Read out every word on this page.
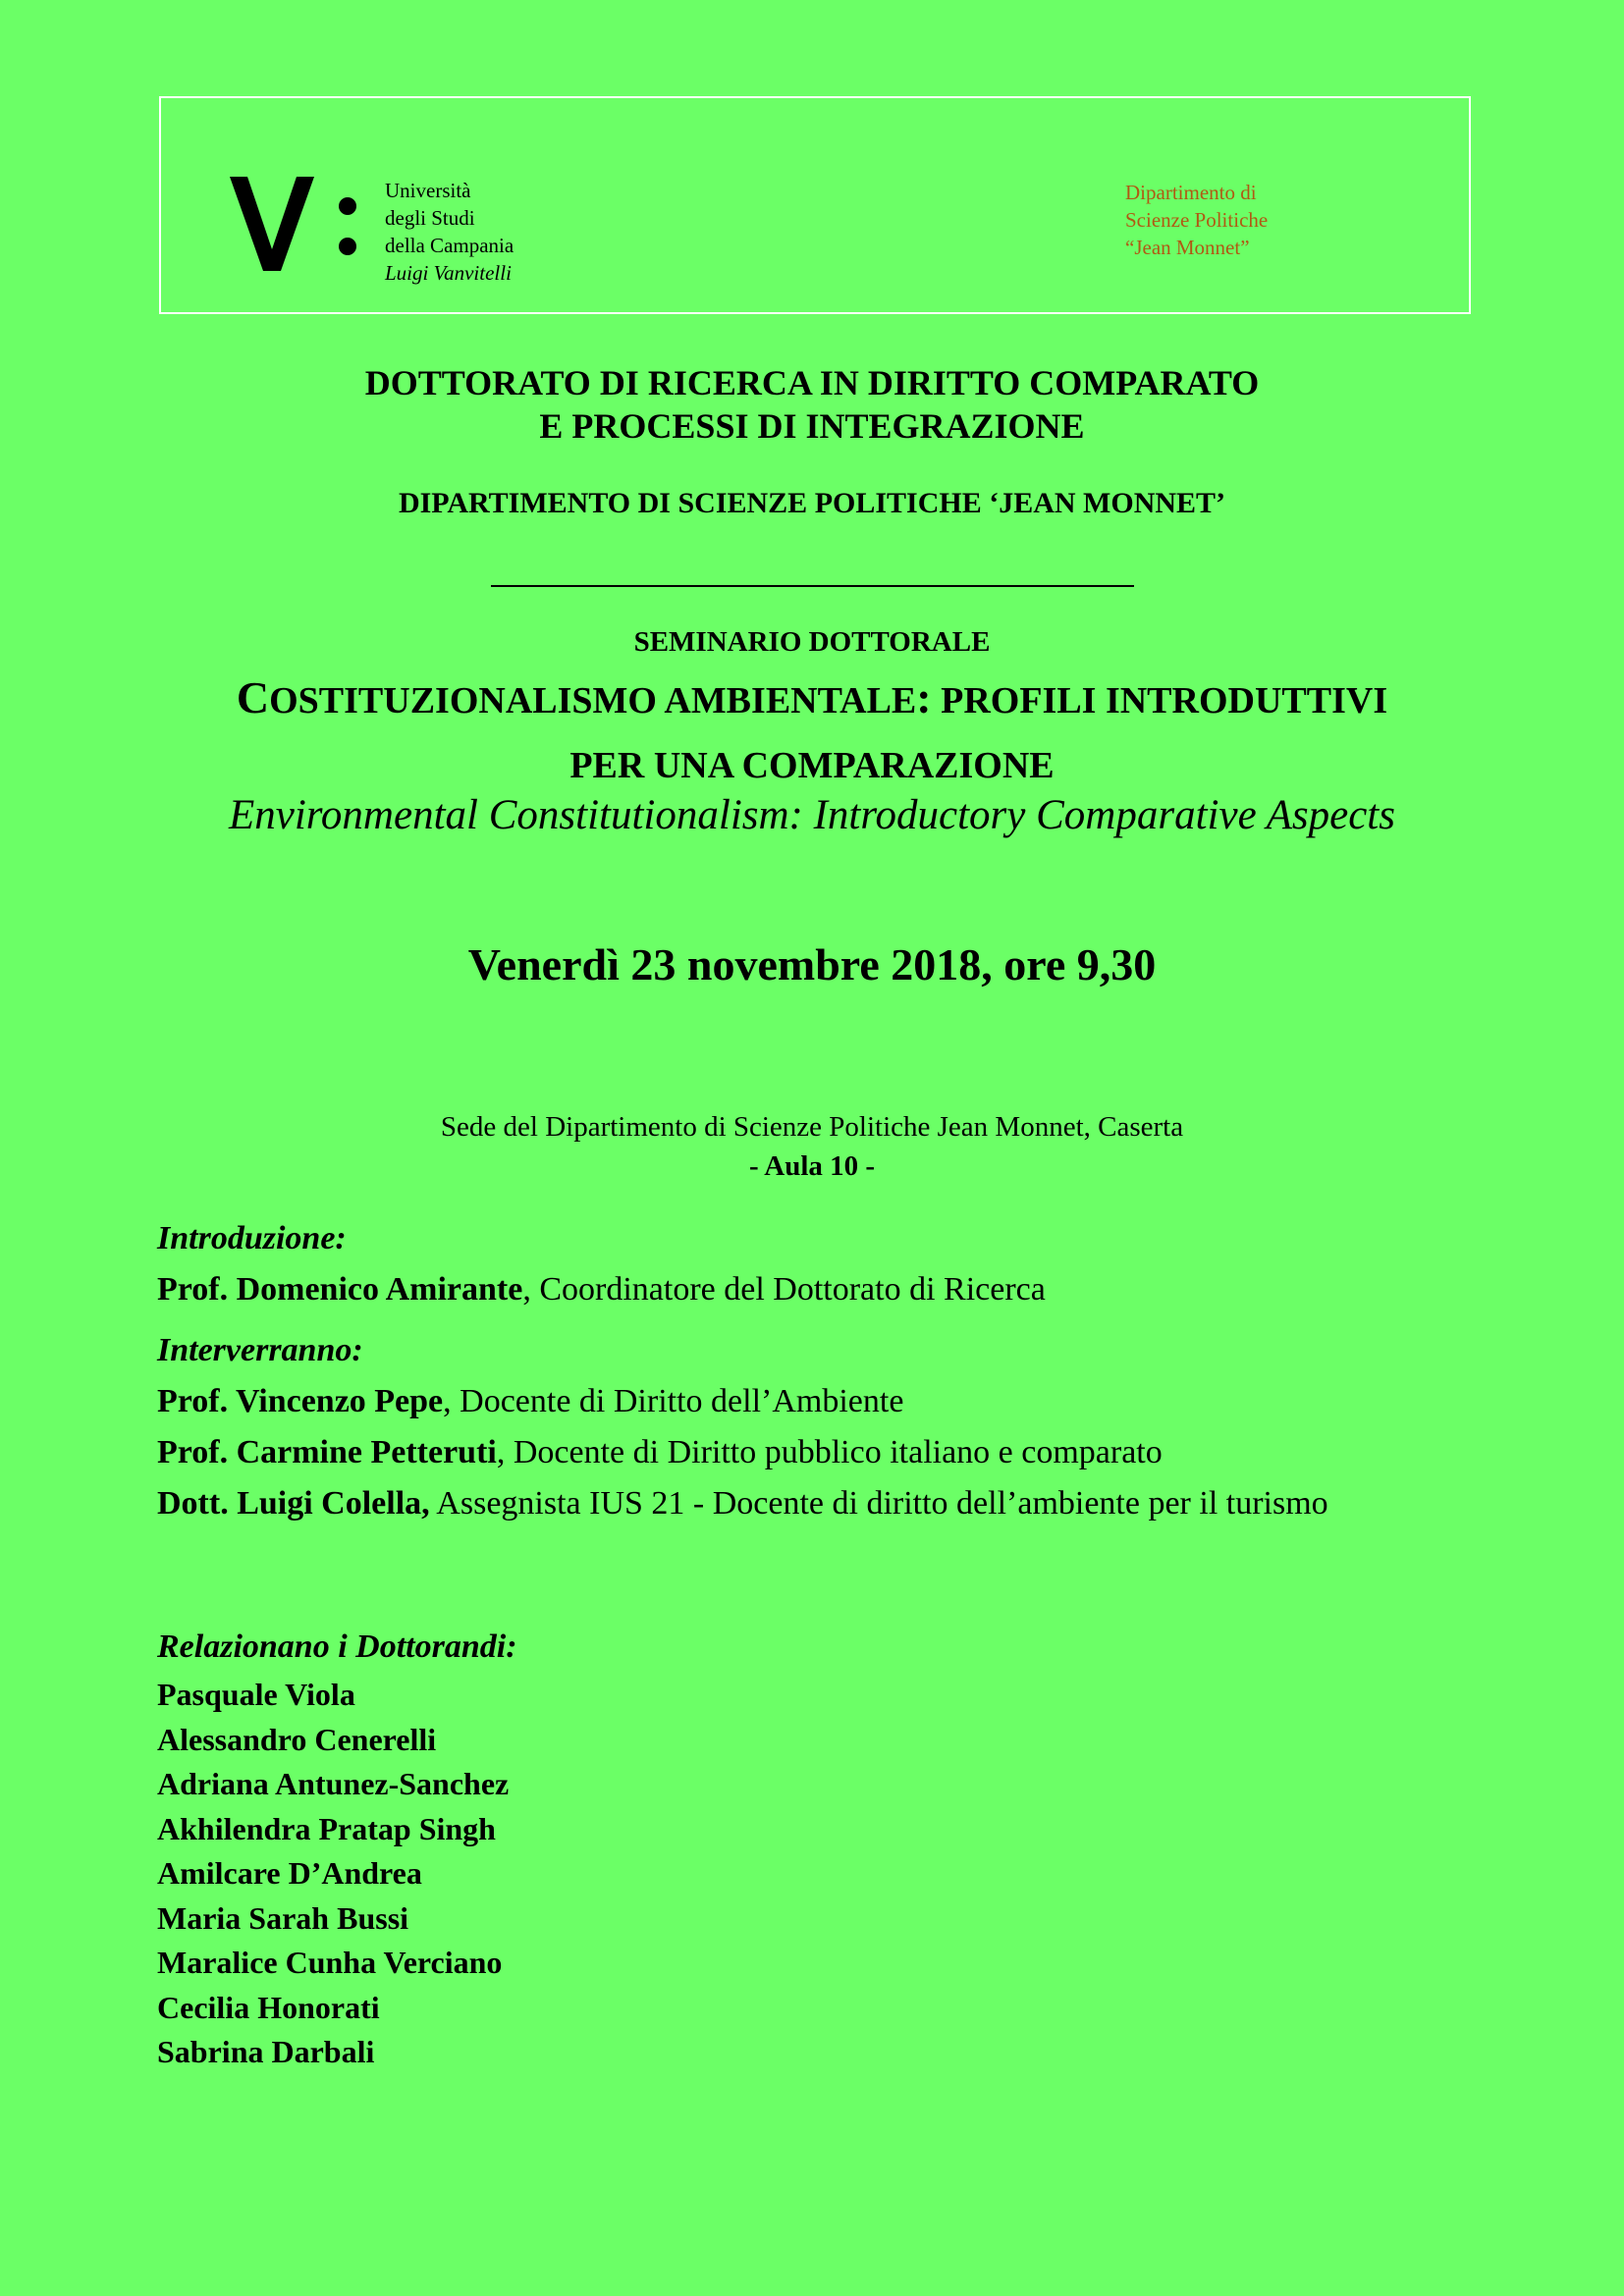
Università
degli Studi
della Campania
Luigi Vanvitelli
Dipartimento di
Scienze Politiche
“Jean Monnet”
DOTTORATO DI RICERCA IN DIRITTO COMPARATO
E PROCESSI DI INTEGRAZIONE
DIPARTIMENTO DI SCIENZE POLITICHE ‘JEAN MONNET’
SEMINARIO DOTTORALE
COSTITUZIONALISMO AMBIENTALE: PROFILI INTRODUTTIVI
PER UNA COMPARAZIONE
Environmental Constitutionalism: Introductory Comparative Aspects
Venerdì 23 novembre 2018, ore 9,30
Sede del Dipartimento di Scienze Politiche Jean Monnet, Caserta
- Aula 10 -
Introduzione:
Prof. Domenico Amirante, Coordinatore del Dottorato di Ricerca
Interverranno:
Prof. Vincenzo Pepe, Docente di Diritto dell’Ambiente
Prof. Carmine Petteruti, Docente di Diritto pubblico italiano e comparato
Dott. Luigi Colella, Assegnista IUS 21 - Docente di diritto dell’ambiente per il turismo
Relazionano i Dottorandi:
Pasquale Viola
Alessandro Cenerelli
Adriana Antunez-Sanchez
Akhilendra Pratap Singh
Amilcare D’Andrea
Maria Sarah Bussi
Maralice Cunha Verciano
Cecilia Honorati
Sabrina Darbali
